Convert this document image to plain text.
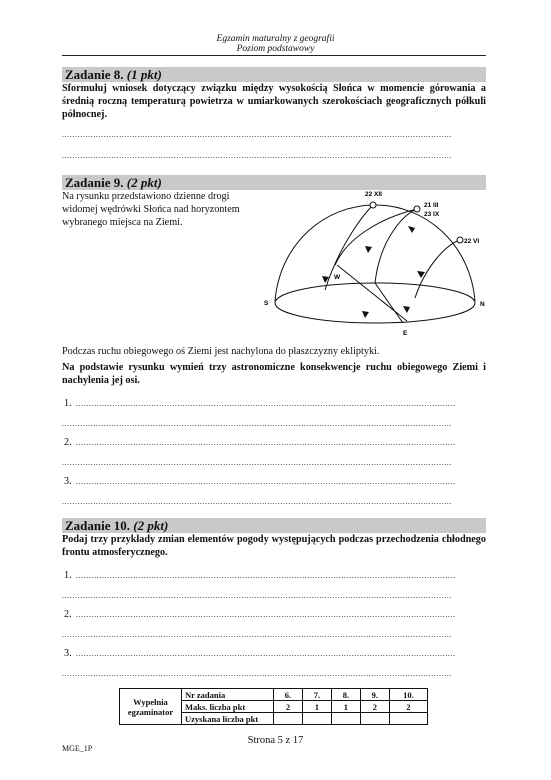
Egzamin maturalny z geografii
Poziom podstawowy
Zadanie 8. (1 pkt)
Sformułuj wniosek dotyczący związku między wysokością Słońca w momencie górowania a średnią roczną temperaturą powietrza w umiarkowanych szerokościach geograficznych półkuli północnej.
......................................................................................................................................................
......................................................................................................................................................
Zadanie 9. (2 pkt)
Na rysunku przedstawiono dzienne drogi widomej wędrówki Słońca nad horyzontem wybranego miejsca na Ziemi.
22 XII
21 III
23 IX
22 VI
S	N
W
E
Podczas ruchu obiegowego oś Ziemi jest nachylona do płaszczyzny ekliptyki.
Na podstawie rysunku wymień trzy astronomiczne konsekwencje ruchu obiegowego Ziemi i nachylenia jej osi.
1. ..................................................................................................................................................
......................................................................................................................................................
2. ..................................................................................................................................................
......................................................................................................................................................
3. ..................................................................................................................................................
......................................................................................................................................................
Zadanie 10. (2 pkt)
Podaj trzy przykłady zmian elementów pogody występujących podczas przechodzenia chłodnego frontu atmosferycznego.
1. ..................................................................................................................................................
......................................................................................................................................................
2. ..................................................................................................................................................
......................................................................................................................................................
3. ..................................................................................................................................................
......................................................................................................................................................
Wypełnia egzaminator	Nr zadania	6.	7.	8.	9.	10.
	Maks. liczba pkt	2	1	1	2	2
	Uzyskana liczba pkt					
Strona 5 z 17
MGE_1P
